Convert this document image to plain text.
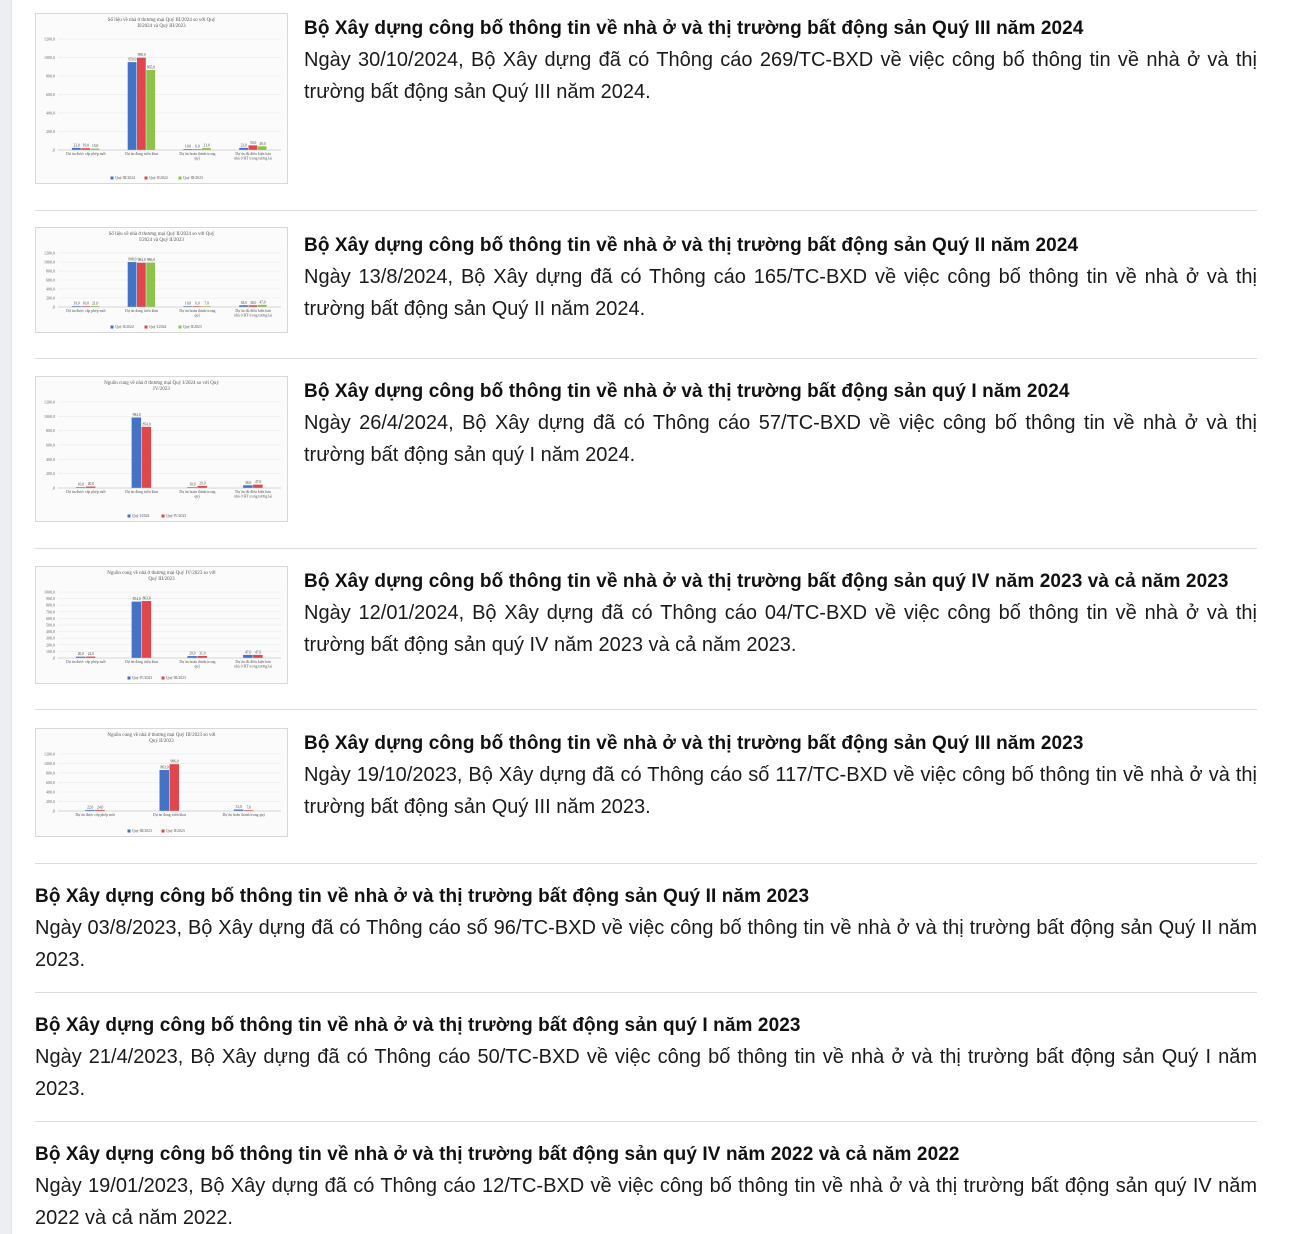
Số liệu về nhà ở thương mại Quý III/2024 so với Quý
II/2024 và Quý III/2023
1200,0
1000,0
800,0
600,0
400,0
200,0
,0
23,0 19,0 15,0
Dự án được cấp phép mới
950,0
998,0
865,0
Dự án đang triển khai
10,0 6,0 21,0
Dự án hoàn thành trong
quý
23,0
50,0 40,0
Dự án đủ điều kiện bán
nhà ở HT trong tương lai
Quý III/2024	Quý II/2024	Quý III/2023
Bộ Xây dựng công bố thông tin về nhà ở và thị trường bất động sản Quý III năm 2024
Ngày 30/10/2024, Bộ Xây dựng đã có Thông cáo 269/TC-BXD về việc công bố thông tin về nhà ở và thị trường bất động sản Quý III năm 2024.
Số liệu về nhà ở thương mại Quý II/2024 so với Quý
I/2024 và Quý II/2023
1200,0
1000,0
800,0
600,0
400,0
200,0
,0
19,0 10,0 21,0
Dự án được cấp phép mới
998,0 984,0 986,0
Dự án đang triển khai
10,0 6,0 7,0
Dự án hoàn thành trong
quý
38,0 38,0 47,0
Dự án đủ điều kiện bán
nhà ở HT trong tương lai
Quý II/2024	Quý I/2024	Quý II/2023
Bộ Xây dựng công bố thông tin về nhà ở và thị trường bất động sản Quý II năm 2024
Ngày 13/8/2024, Bộ Xây dựng đã có Thông cáo 165/TC-BXD về việc công bố thông tin về nhà ở và thị trường bất động sản Quý II năm 2024.
Nguồn cung về nhà ở thương mại Quý I/2024 so với Quý
IV/2023
1200,0
1000,0
800,0
600,0
400,0
200,0
,0
10,0 20,0
Dự án được cấp phép mới
984,0
854,0
Dự án đang triển khai
10,0 29,0
Dự án hoàn thành trong
quý
38,0 47,0
Dự án đủ điều kiện bán
nhà ở HT trong tương lai
Quý I/2024	Quý IV/2023
Bộ Xây dựng công bố thông tin về nhà ở và thị trường bất động sản quý I năm 2024
Ngày 26/4/2024, Bộ Xây dựng đã có Thông cáo 57/TC-BXD về việc công bố thông tin về nhà ở và thị trường bất động sản quý I năm 2024.
Nguồn cung về nhà ở thương mại Quý IV/2023 so với
Quý III/2023
1000,0
900,0
800,0
700,0
600,0
500,0
400,0
300,0
200,0
100,0
,0
20,0 22,0
Dự án được cấp phép mới
854,0 863,0
Dự án đang triển khai
29,0 31,0
Dự án hoàn thành trong
quý
47,0 47,0
Dự án đủ điều kiện bán
nhà ở HT trong tương lai
Quý IV/2023	Quý III/2023
Bộ Xây dựng công bố thông tin về nhà ở và thị trường bất động sản quý IV năm 2023 và cả năm 2023
Ngày 12/01/2024, Bộ Xây dựng đã có Thông cáo 04/TC-BXD về việc công bố thông tin về nhà ở và thị trường bất động sản quý IV năm 2023 và cả năm 2023.
Nguồn cung về nhà ở thương mại Quý III/2023 so với
Quý II/2023
1200,0
1000,0
800,0
600,0
400,0
200,0
,0
22,0 24,0
Dự án được cấp phép mới
863,0
986,0
Dự án đang triển khai
31,0 7,0
Dự án hoàn thành trong quý
Quý III/2023	Quý II/2023
Bộ Xây dựng công bố thông tin về nhà ở và thị trường bất động sản Quý III năm 2023
Ngày 19/10/2023, Bộ Xây dựng đã có Thông cáo số 117/TC-BXD về việc công bố thông tin về nhà ở và thị trường bất động sản Quý III năm 2023.
Bộ Xây dựng công bố thông tin về nhà ở và thị trường bất động sản Quý II năm 2023
Ngày 03/8/2023, Bộ Xây dựng đã có Thông cáo số 96/TC-BXD về việc công bố thông tin về nhà ở và thị trường bất động sản Quý II năm 2023.
Bộ Xây dựng công bố thông tin về nhà ở và thị trường bất động sản quý I năm 2023
Ngày 21/4/2023, Bộ Xây dựng đã có Thông cáo 50/TC-BXD về việc công bố thông tin về nhà ở và thị trường bất động sản Quý I năm 2023.
Bộ Xây dựng công bố thông tin về nhà ở và thị trường bất động sản quý IV năm 2022 và cả năm 2022
Ngày 19/01/2023, Bộ Xây dựng đã có Thông cáo 12/TC-BXD về việc công bố thông tin về nhà ở và thị trường bất động sản quý IV năm 2022 và cả năm 2022.
